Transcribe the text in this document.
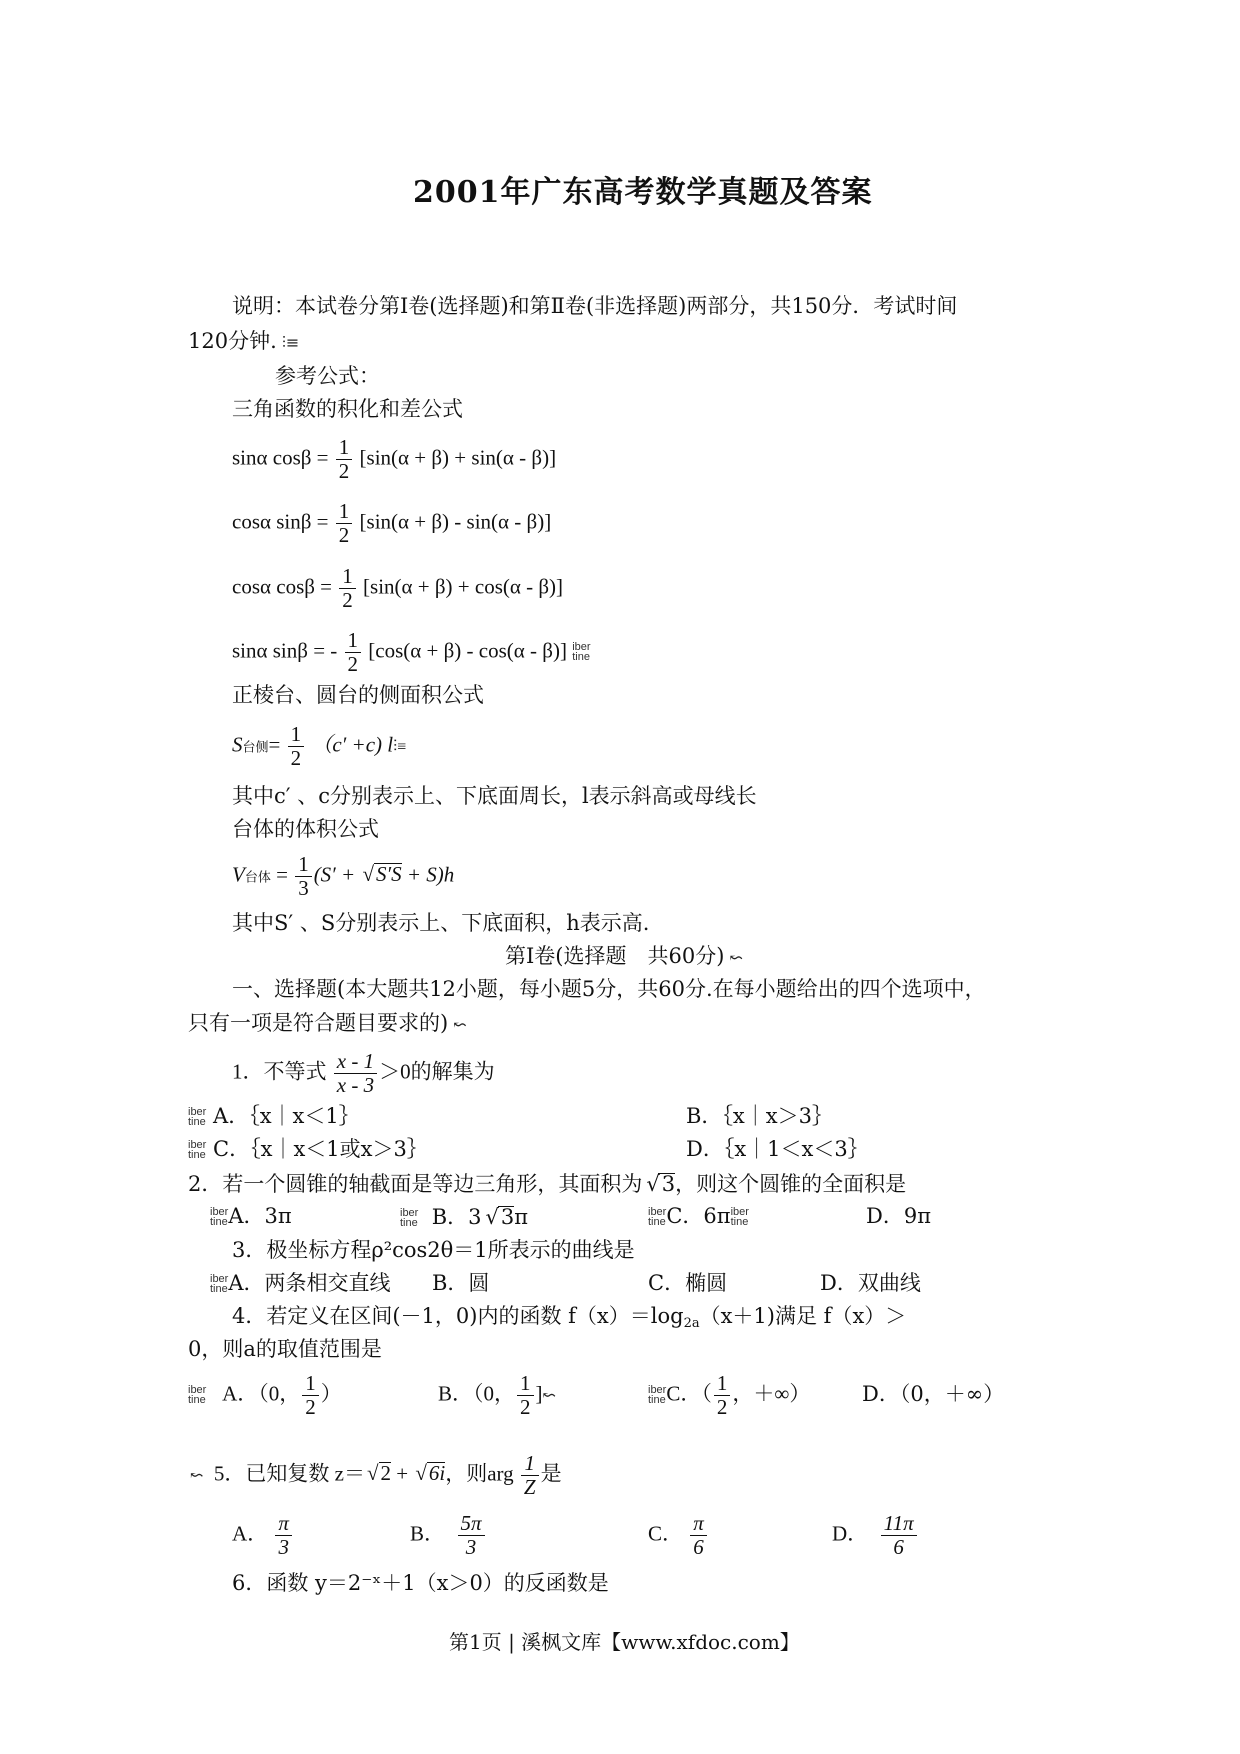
2001年广东高考数学真题及答案
说明：本试卷分第Ⅰ卷(选择题)和第Ⅱ卷(非选择题)两部分，共150分．考试时间
120分钟. ⫶≡
参考公式：
三角函数的积化和差公式
sinα $\cos\beta = \frac{1}{2} [\sin(\alpha + \beta) + \sin(\alpha - \beta)]$
cosα $\sin\beta = \frac{1}{2} [\sin(\alpha + \beta) - \sin(\alpha - \beta)]$
cosα $\cos\beta = \frac{1}{2} [\sin(\alpha + \beta) + \cos(\alpha - \beta)]$
sinα sinβ = - $\frac{1}{2} [\cos(\alpha + \beta) - \cos(\alpha - \beta)]$ iber
tine
正棱台、圆台的侧面积公式
S台侧= $\frac{1}{2} (c' +c)$ l⫶≡
其中c′ 、c分别表示上、下底面周长，l表示斜高或母线长
台体的体积公式
V台体 = $\frac{1}{3} (S'$ + √ S′S + S)h
其中S′ 、S分别表示上、下底面积，h表示高.
第Ⅰ卷(选择题　共60分) ↜
一、选择题(本大题共12小题，每小题5分，共60分.在每小题给出的四个选项中，
只有一项是符合题目要求的) ↜
1．不等式 $\frac{x - 1}{x - 3} >0$的解集为
iber
tine A．｛x｜x＜1｝	B．｛x｜x＞3｝
iber
tine C．｛x｜x＜1或x＞3｝	D．｛x｜1＜x＜3｝
2．若一个圆锥的轴截面是等边三角形，其面积为 √ 3，则这个圆锥的全面积是
iber
tineA．3π	iber
tine B．3 √ 3π	iber
tineC．6πiber
tine	D．9π
3．极坐标方程ρ²cos2θ＝1所表示的曲线是
iber
tineA．两条相交直线 B．圆	C．椭圆	D．双曲线
4．若定义在区间(－1，0)内的函数 f（x）＝log2a（x＋1)满足 f（x）＞
0，则a的取值范围是
iber
tine A．（0， $\frac{1}{2}$ ）	B．（0， $\frac{1}{2}$ ]↜	iber
tineC．（ $\frac{1}{2}$ ，＋∞） D．（0，＋∞）
↜ 5．已知复数 z＝ √ 2 + √ 6i，则arg $\frac{1}{Z}$ 是
A． $\frac{\pi}{3}$	B． $\frac{5\pi}{3}$	C． $\frac{\pi}{6}$	D． $\frac{11\pi}{6}$
6．函数 y＝2⁻ˣ＋1（x＞0）的反函数是
第1页 | 溪枫文库【www.xfdoc.com】
